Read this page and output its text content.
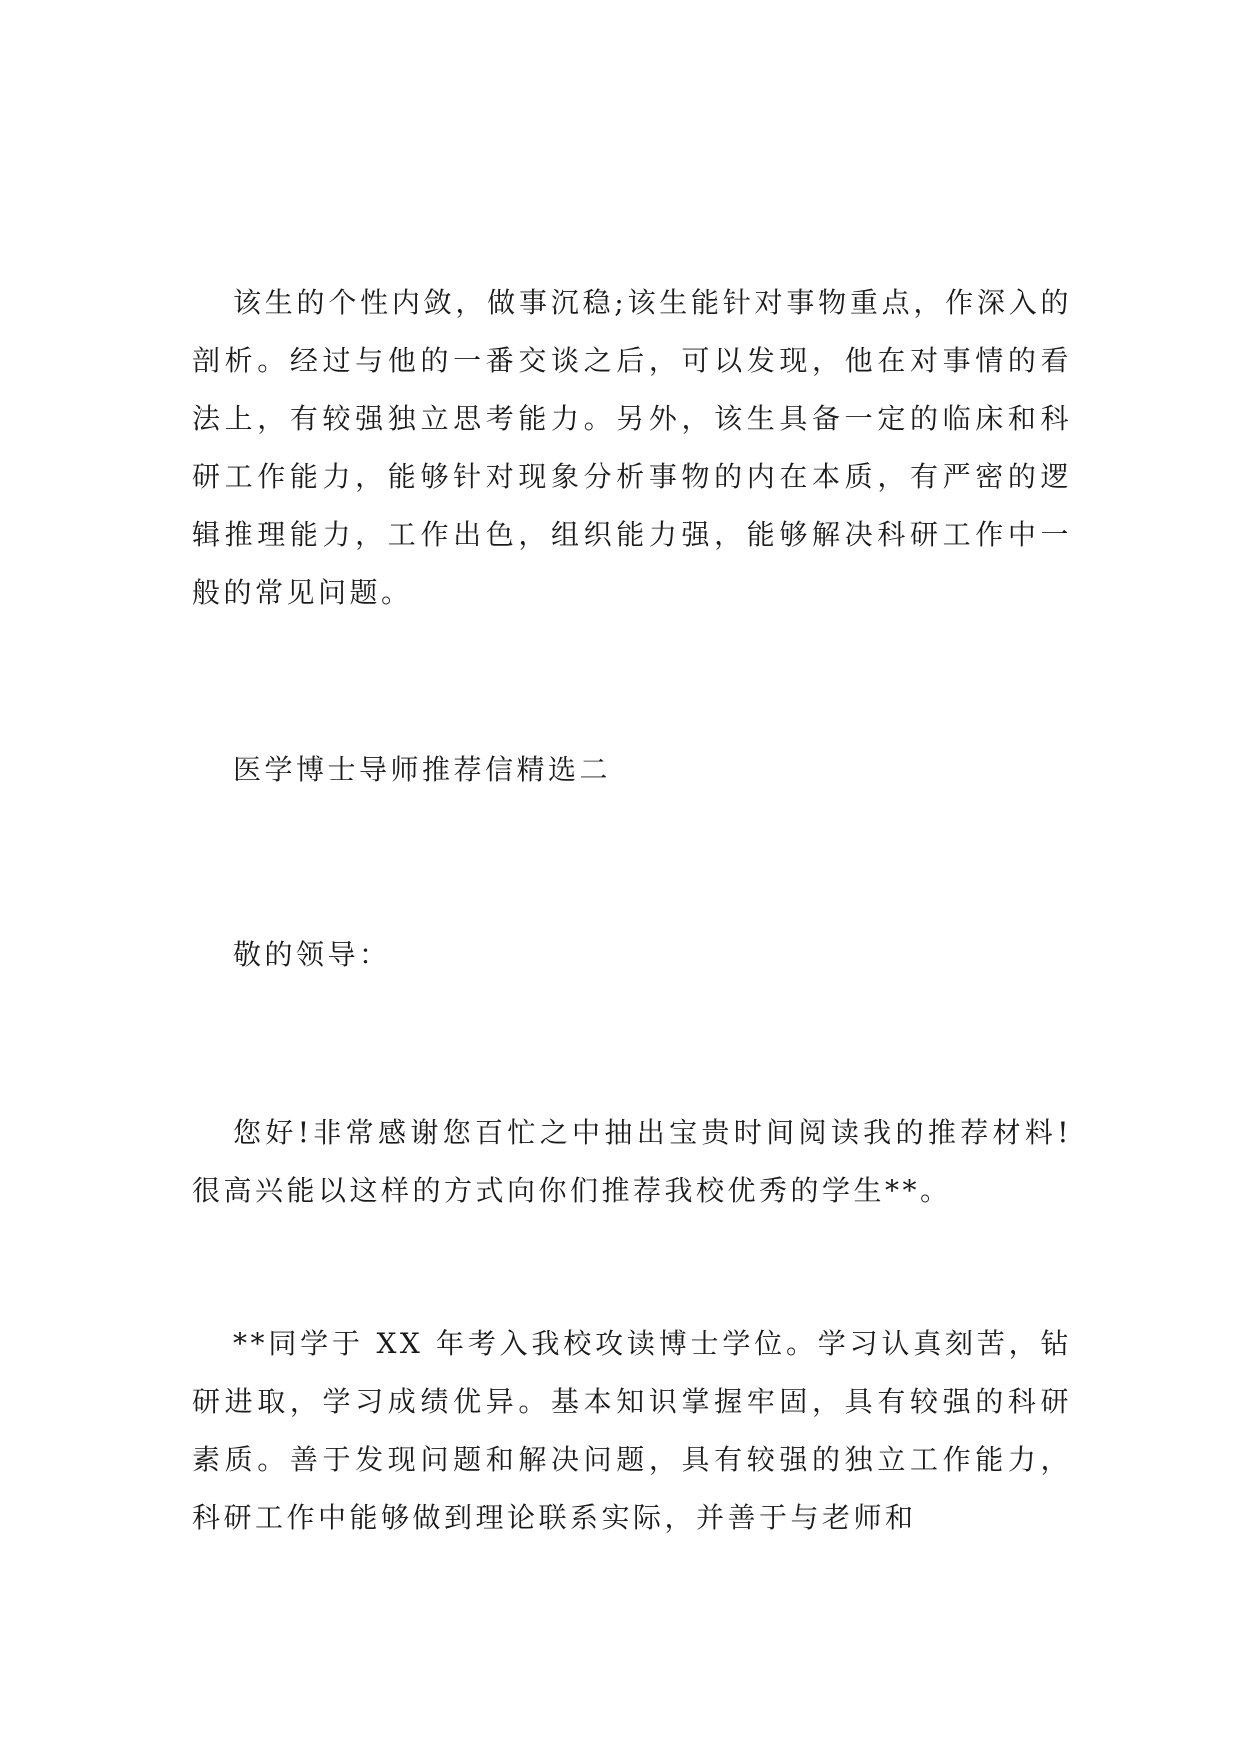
该生的个性内敛，做事沉稳;该生能针对事物重点，作深入的剖析。经过与他的一番交谈之后，可以发现，他在对事情的看法上，有较强独立思考能力。另外，该生具备一定的临床和科研工作能力，能够针对现象分析事物的内在本质，有严密的逻辑推理能力，工作出色，组织能力强，能够解决科研工作中一般的常见问题。

医学博士导师推荐信精选二

敬的领导：

您好!非常感谢您百忙之中抽出宝贵时间阅读我的推荐材料!很高兴能以这样的方式向你们推荐我校优秀的学生**。

**同学于 XX 年考入我校攻读博士学位。学习认真刻苦，钻研进取，学习成绩优异。基本知识掌握牢固，具有较强的科研素质。善于发现问题和解决问题，具有较强的独立工作能力，科研工作中能够做到理论联系实际，并善于与老师和
